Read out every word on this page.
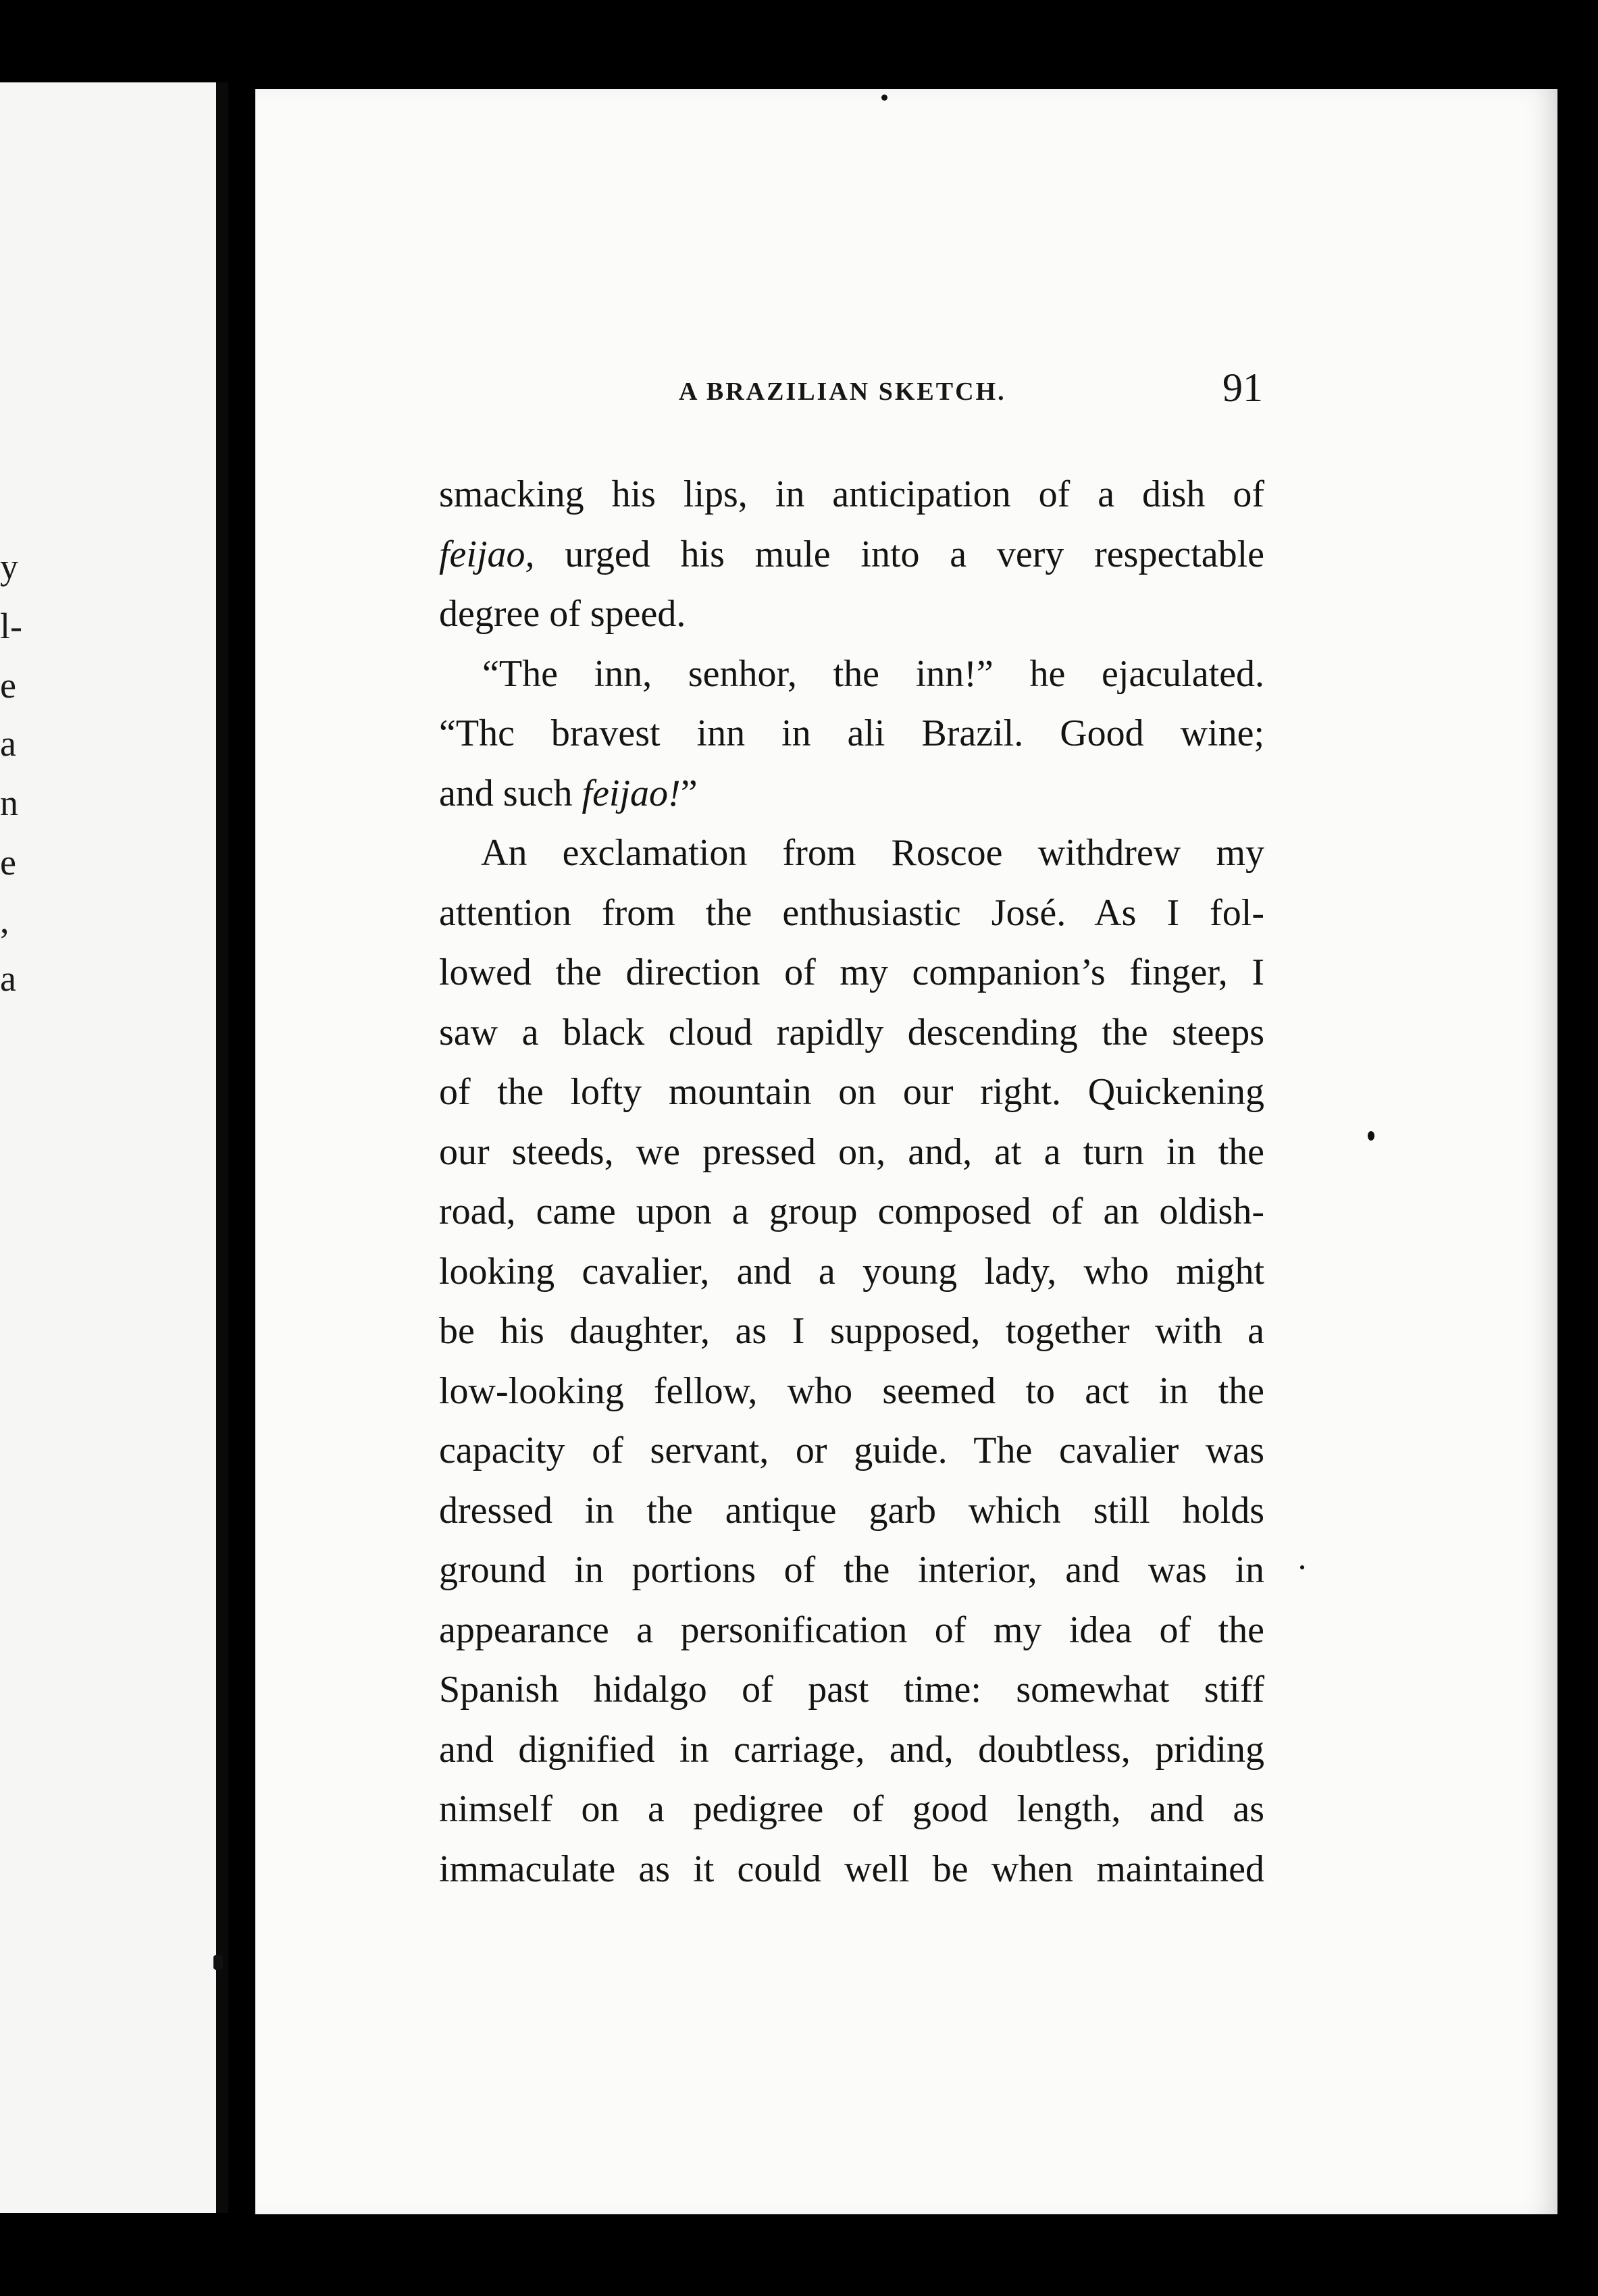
y
l-
e
a
n
e
,
a
A BRAZILIAN SKETCH.	91
smacking his lips, in anticipation of a dish of
feijao, urged his mule into a very respectable
degree of speed.
“The inn, senhor, the inn!” he ejaculated.
“Thc bravest inn in ali Brazil. Good wine;
and such feijao!”
An exclamation from Roscoe withdrew my
attention from the enthusiastic José. As I fol-
lowed the direction of my companion’s finger, I
saw a black cloud rapidly descending the steeps
of the lofty mountain on our right. Quickening
our steeds, we pressed on, and, at a turn in the
road, came upon a group composed of an oldish-
looking cavalier, and a young lady, who might
be his daughter, as I supposed, together with a
low-looking fellow, who seemed to act in the
capacity of servant, or guide. The cavalier was
dressed in the antique garb which still holds
ground in portions of the interior, and was in
appearance a personification of my idea of the
Spanish hidalgo of past time: somewhat stiff
and dignified in carriage, and, doubtless, priding
nimself on a pedigree of good length, and as
immaculate as it could well be when maintained
